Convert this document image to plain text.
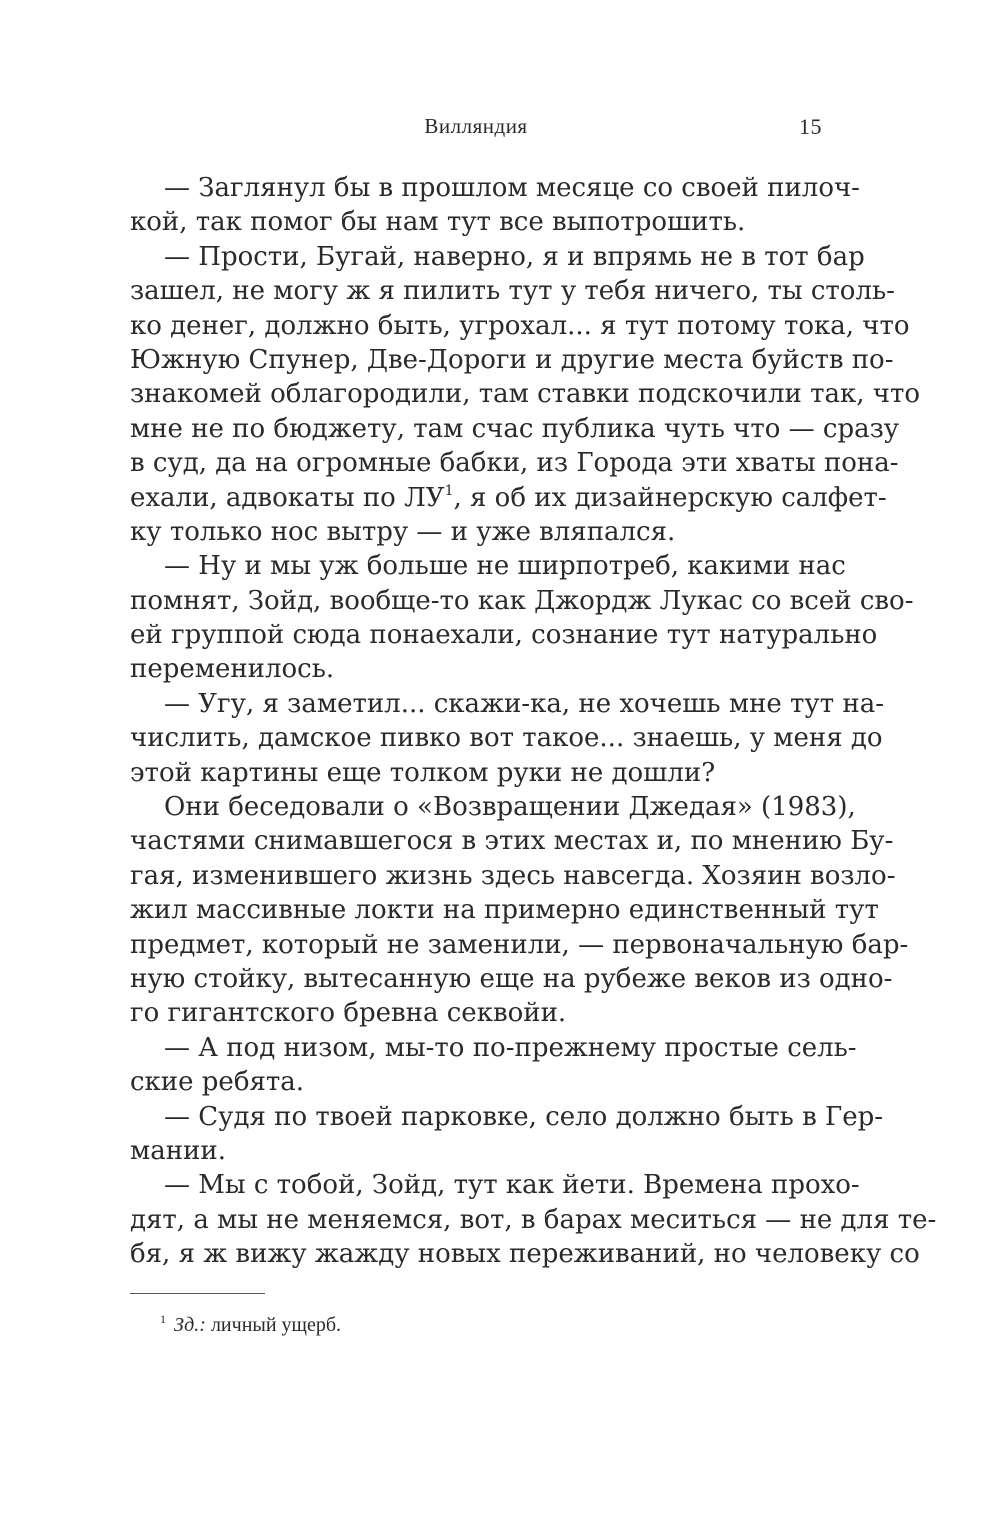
Вилляндия	15
— Заглянул бы в прошлом месяце со своей пилоч-
кой, так помог бы нам тут все выпотрошить.
— Прости, Бугай, наверно, я и впрямь не в тот бар
зашел, не могу ж я пилить тут у тебя ничего, ты столь-
ко денег, должно быть, угрохал... я тут потому тока, что
Южную Спунер, Две-Дороги и другие места буйств по-
знакомей облагородили, там ставки подскочили так, что
мне не по бюджету, там счас публика чуть что — сразу
в суд, да на огромные бабки, из Города эти хваты пона-
ехали, адвокаты по $ЛУ^1$, я об их дизайнерскую салфет-
ку только нос вытру — и уже вляпался.
— Ну и мы уж больше не ширпотреб, какими нас
помнят, Зойд, вообще-то как Джордж Лукас со всей сво-
ей группой сюда понаехали, сознание тут натурально
переменилось.
— Угу, я заметил... скажи-ка, не хочешь мне тут на-
числить, дамское пивко вот такое... знаешь, у меня до
этой картины еще толком руки не дошли?
Они беседовали о «Возвращении Джедая» (1983),
частями снимавшегося в этих местах и, по мнению Бу-
гая, изменившего жизнь здесь навсегда. Хозяин возло-
жил массивные локти на примерно единственный тут
предмет, который не заменили, — первоначальную бар-
ную стойку, вытесанную еще на рубеже веков из одно-
го гигантского бревна секвойи.
— А под низом, мы-то по-прежнему простые сель-
ские ребята.
— Судя по твоей парковке, село должно быть в Гер-
мании.
— Мы с тобой, Зойд, тут как йети. Времена прохо-
дят, а мы не меняемся, вот, в барах меситься — не для те-
бя, я ж вижу жажду новых переживаний, но человеку со
$^1$ Зд.: личный ущерб.
